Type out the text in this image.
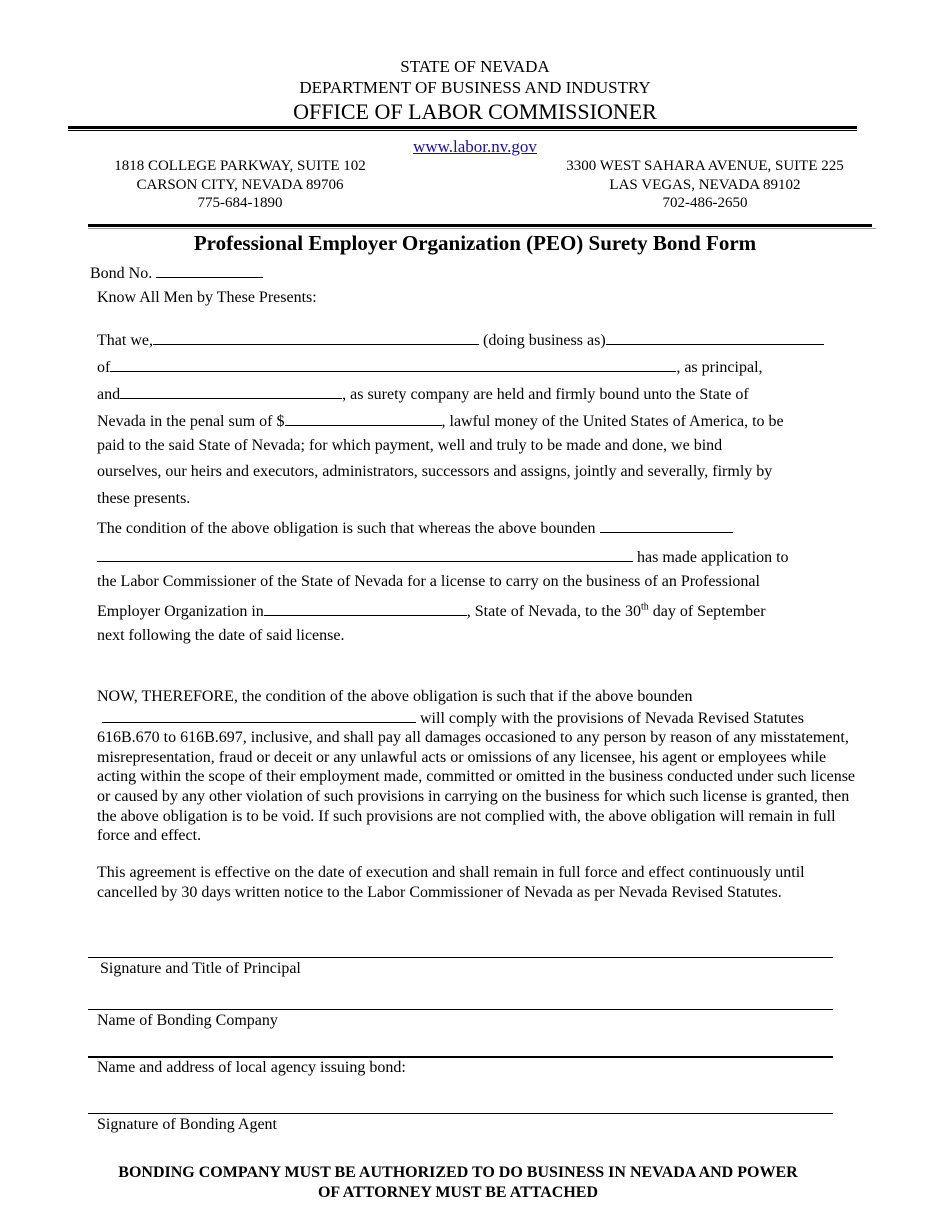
STATE OF NEVADA
DEPARTMENT OF BUSINESS AND INDUSTRY
OFFICE OF LABOR COMMISSIONER
www.labor.nv.gov
1818 COLLEGE PARKWAY, SUITE 102
CARSON CITY, NEVADA 89706
775-684-1890
3300 WEST SAHARA AVENUE, SUITE 225
LAS VEGAS, NEVADA 89102
702-486-2650
Professional Employer Organization (PEO) Surety Bond Form
Bond No.
Know All Men by These Presents:
That we,	(doing business as)
of	, as principal,
and	, as surety company are held and firmly bound unto the State of
Nevada in the penal sum of $	, lawful money of the United States of America, to be
paid to the said State of Nevada; for which payment, well and truly to be made and done, we bind
ourselves, our heirs and executors, administrators, successors and assigns, jointly and severally, firmly by
these presents.
The condition of the above obligation is such that whereas the above bounden
has made application to
the Labor Commissioner of the State of Nevada for a license to carry on the business of an Professional
Employer Organization in	, State of Nevada, to the 30th day of September
next following the date of said license.
NOW, THEREFORE, the condition of the above obligation is such that if the above bounden
will comply with the provisions of Nevada Revised Statutes 616B.670 to 616B.697, inclusive, and shall pay all damages occasioned to any person by reason of any misstatement, misrepresentation, fraud or deceit or any unlawful acts or omissions of any licensee, his agent or employees while acting within the scope of their employment made, committed or omitted in the business conducted under such license or caused by any other violation of such provisions in carrying on the business for which such license is granted, then the above obligation is to be void. If such provisions are not complied with, the above obligation will remain in full force and effect.
This agreement is effective on the date of execution and shall remain in full force and effect continuously until cancelled by 30 days written notice to the Labor Commissioner of Nevada as per Nevada Revised Statutes.
Signature and Title of Principal
Name of Bonding Company
Name and address of local agency issuing bond:
Signature of Bonding Agent
BONDING COMPANY MUST BE AUTHORIZED TO DO BUSINESS IN NEVADA AND POWER
OF ATTORNEY MUST BE ATTACHED
